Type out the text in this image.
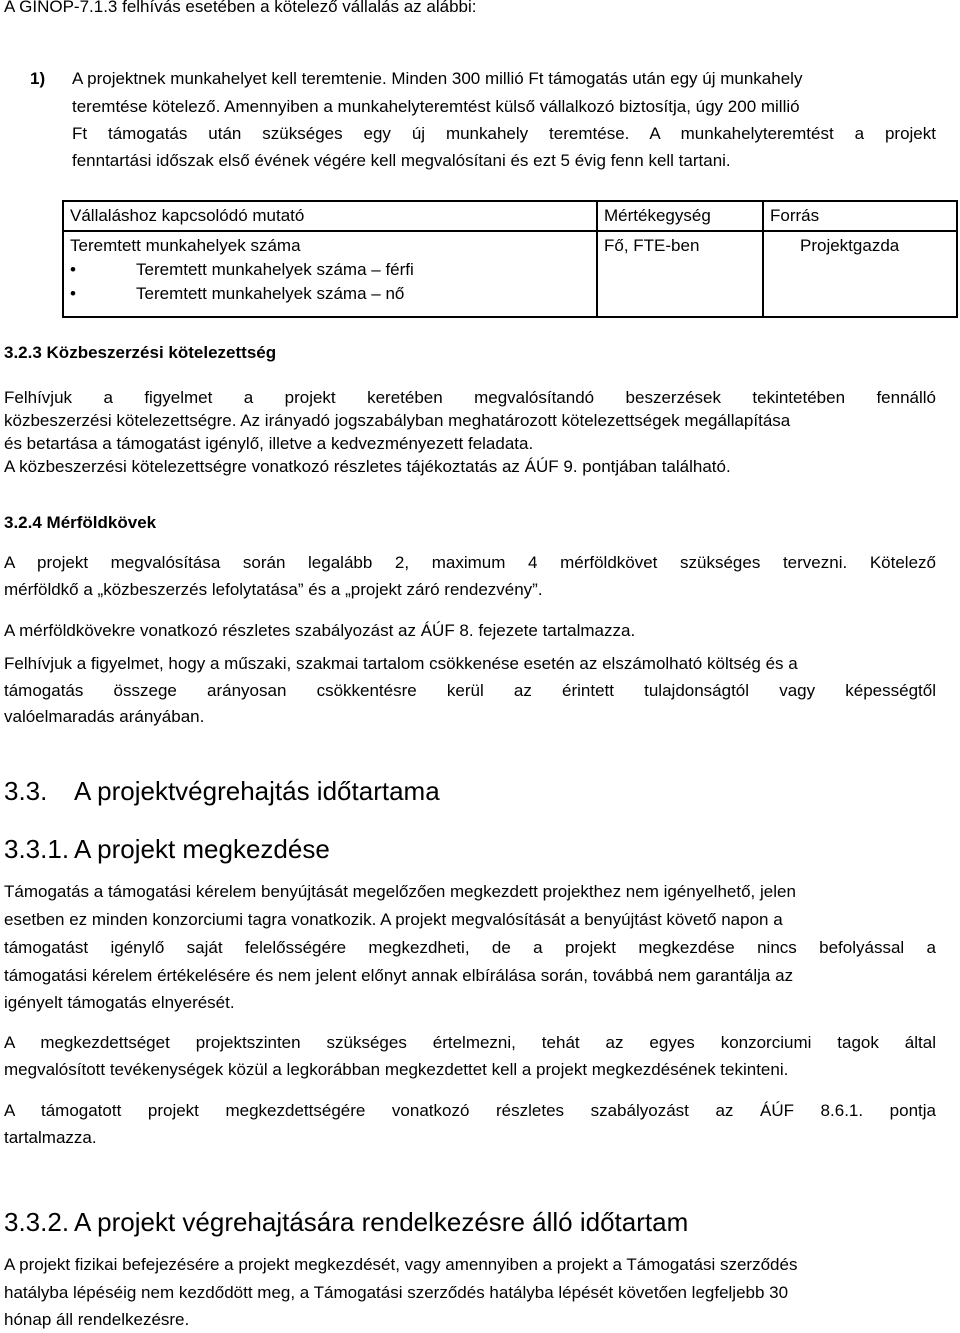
A GINOP-7.1.3 felhívás esetében a kötelező vállalás az alábbi:
1) A projektnek munkahelyet kell teremtenie. Minden 300 millió Ft támogatás után egy új munkahely
teremtése kötelező. Amennyiben a munkahelyteremtést külső vállalkozó biztosítja, úgy 200 millió
Ft támogatás után szükséges egy új munkahely teremtése. A munkahelyteremtést a projekt
fenntartási időszak első évének végére kell megvalósítani és ezt 5 évig fenn kell tartani.
Vállaláshoz kapcsolódó mutató	Mértékegység	Forrás

Teremtett munkahelyek száma
• Teremtett munkahelyek száma – férfi
• Teremtett munkahelyek száma – nő	Fő, FTE-ben	Projektgazda
3.2.3 Közbeszerzési kötelezettség
Felhívjuk a figyelmet a projekt keretében megvalósítandó beszerzések tekintetében fennálló
közbeszerzési kötelezettségre. Az irányadó jogszabályban meghatározott kötelezettségek megállapítása
és betartása a támogatást igénylő, illetve a kedvezményezett feladata.
A közbeszerzési kötelezettségre vonatkozó részletes tájékoztatás az ÁÚF 9. pontjában található.
3.2.4 Mérföldkövek
A projekt megvalósítása során legalább 2, maximum 4 mérföldkövet szükséges tervezni. Kötelező
mérföldkő a „közbeszerzés lefolytatása” és a „projekt záró rendezvény”.
A mérföldkövekre vonatkozó részletes szabályozást az ÁÚF 8. fejezete tartalmazza.
Felhívjuk a figyelmet, hogy a műszaki, szakmai tartalom csökkenése esetén az elszámolható költség és a
támogatás összege arányosan csökkentésre kerül az érintett tulajdonságtól vagy képességtől
valóelmaradás arányában.
3.3. A projektvégrehajtás időtartama
3.3.1. A projekt megkezdése
Támogatás a támogatási kérelem benyújtását megelőzően megkezdett projekthez nem igényelhető, jelen
esetben ez minden konzorciumi tagra vonatkozik. A projekt megvalósítását a benyújtást követő napon a
támogatást igénylő saját felelősségére megkezdheti, de a projekt megkezdése nincs befolyással a
támogatási kérelem értékelésére és nem jelent előnyt annak elbírálása során, továbbá nem garantálja az
igényelt támogatás elnyerését.
A megkezdettséget projektszinten szükséges értelmezni, tehát az egyes konzorciumi tagok által
megvalósított tevékenységek közül a legkorábban megkezdettet kell a projekt megkezdésének tekinteni.
A támogatott projekt megkezdettségére vonatkozó részletes szabályozást az ÁÚF 8.6.1. pontja
tartalmazza.
3.3.2. A projekt végrehajtására rendelkezésre álló időtartam
A projekt fizikai befejezésére a projekt megkezdését, vagy amennyiben a projekt a Támogatási szerződés
hatályba lépéséig nem kezdődött meg, a Támogatási szerződés hatályba lépését követően legfeljebb 30
hónap áll rendelkezésre.
